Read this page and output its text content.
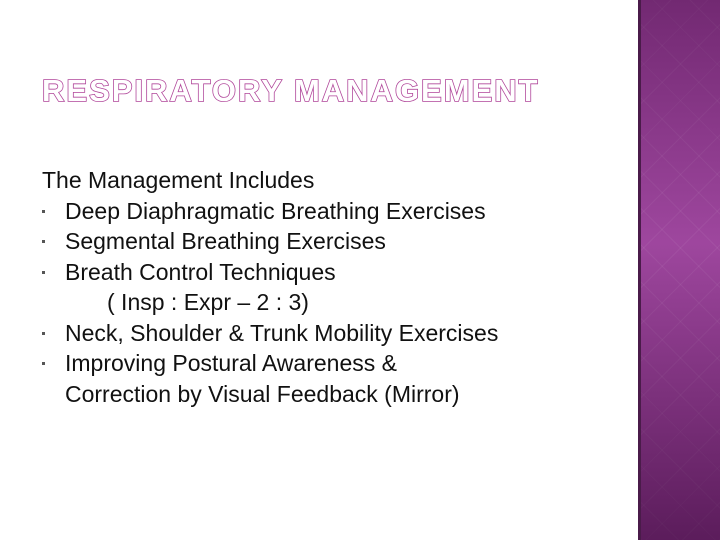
RESPIRATORY MANAGEMENT

The Management Includes

Deep Diaphragmatic Breathing Exercises
Segmental Breathing Exercises
Breath Control Techniques
( Insp : Expr – 2 : 3)
Neck, Shoulder & Trunk Mobility Exercises
Improving Postural Awareness &
Correction by Visual Feedback (Mirror)
